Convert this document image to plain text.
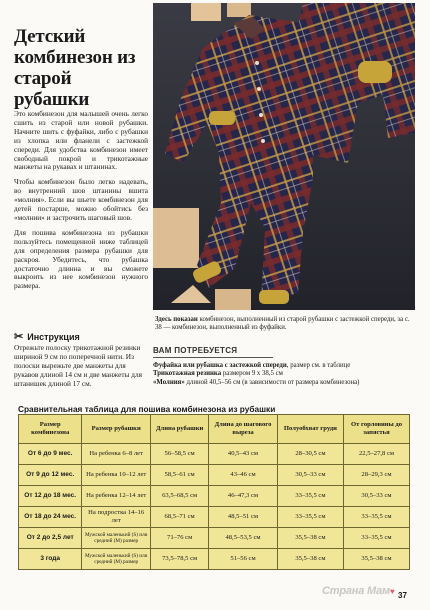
Детский комбинезон из старой рубашки

Это комбинезон для малышей очень легко сшить из старой или новой рубашки. Начните шить с фуфайки, либо с рубашки из хлопка или фланели с застежкой спереди. Для удобства комбинезон имеет свободный покрой и трикотажные манжеты на рукавах и штанинах.

Чтобы комбинезон было легко надевать, во внутренний шов штанины вшита «молния». Если вы шьете комбинезон для детей постарше, можно обойтись без «молнии» и застрочить шаговый шов.

Для пошива комбинезона из рубашки пользуйтесь помещенной ниже таблицей для определения размера рубашки для раскроя. Убедитесь, что рубашка достаточно длинна и вы сможете выкроить из нее комбинезон нужного размера.

Здесь показан комбинезон, выполненный из старой рубашки с застежкой спереди, за с. 38 — комбинезон, выполненный из фуфайки.
✂ Инструкция
Отрежьте полоску трикотажной резинки шириной 9 см по поперечной нити. Из полоски вырежьте две манжеты для рукавов длиной 14 см и две манжеты для штанишек длиной 17 см.
ВАМ ПОТРЕБУЕТСЯ
Фуфайка или рубашка с застежкой спереди, размер см. в таблице
Трикотажная резинка размером 9 х 38,5 см
«Молния» длиной 40,5–56 см (в зависимости от размера комбинезона)
Сравнительная таблица для пошива комбинезона из рубашки
Размер комбинезона	Размер рубашки	Длина рубашки	Длина до шагового выреза	Полуобхват груди	От горловины до запястья
От 6 до 9 мес.	На ребенка 6–8 лет	56–58,5 см	40,5–43 см	28–30,5 см	22,5–27,8 см
От 9 до 12 мес.	На ребенка 10–12 лет	58,5–61 см	43–46 см	30,5–33 см	28–29,3 см
От 12 до 18 мес.	На ребенка 12–14 лет	63,5–68,5 см	46–47,3 см	33–35,5 см	30,5–33 см
От 18 до 24 мес.	На подростка 14–16 лет	68,5–71 см	48,5–51 см	33–35,5 см	33–35,5 см
От 2 до 2,5 лет	Мужской маленький (S) или средний (M) размер	71–76 см	48,5–53,5 см	35,5–38 см	33–35,5 см
3 года	Мужской маленький (S) или средний (M) размер	73,5–78,5 см	51–56 см	35,5–38 см	35,5–38 см
Страна Мам♥ 37
